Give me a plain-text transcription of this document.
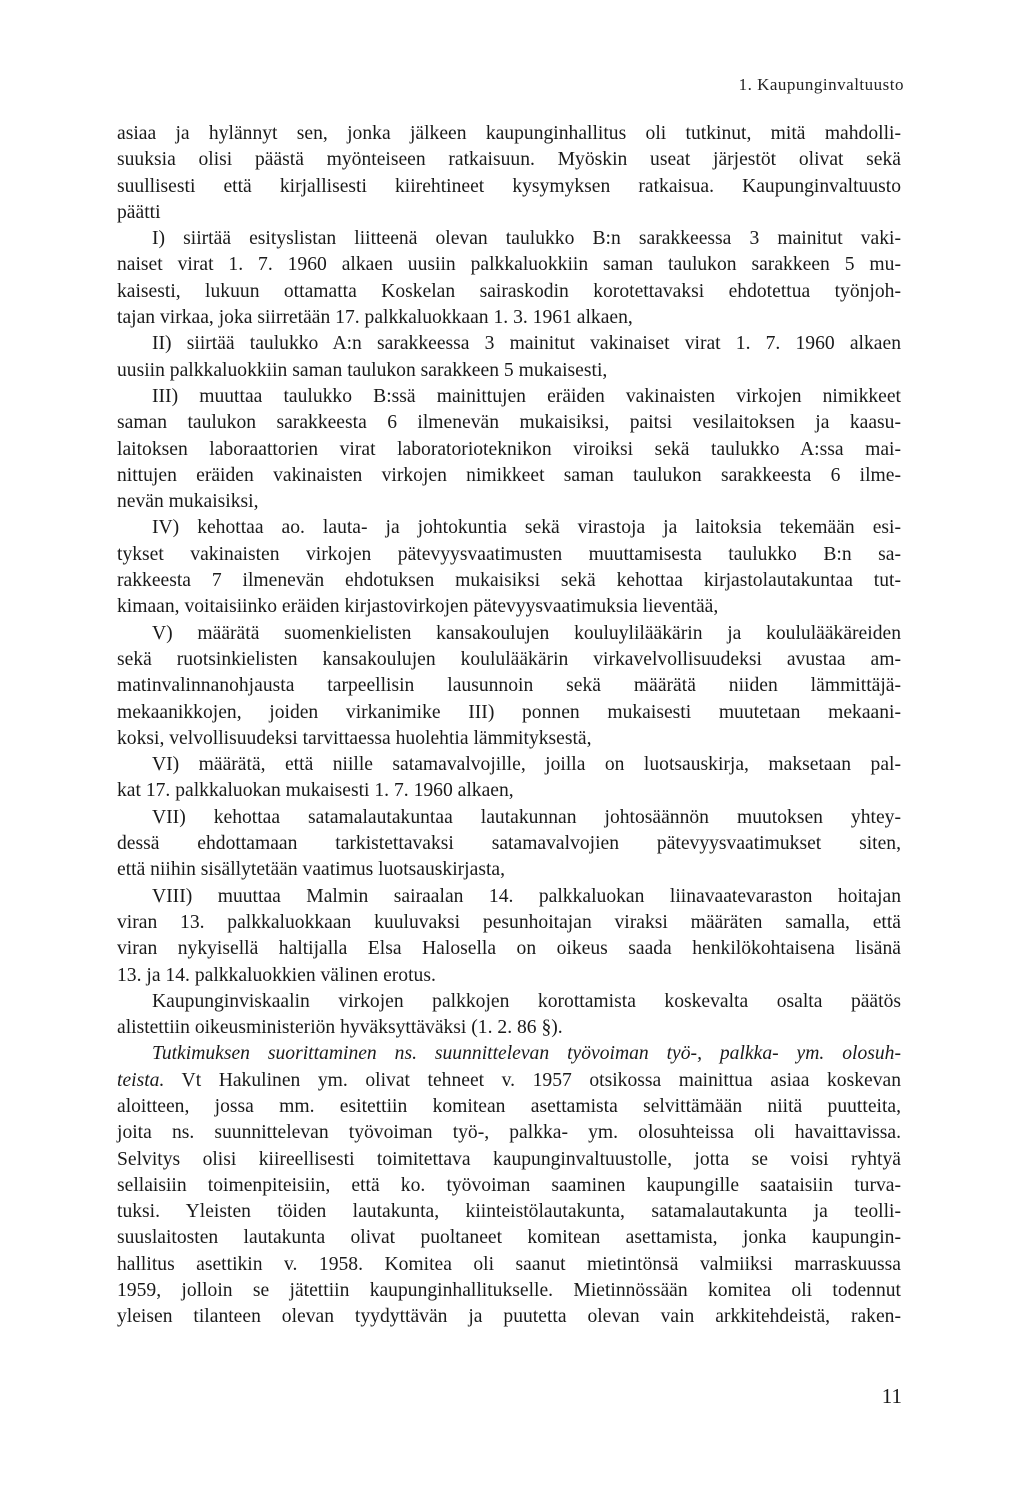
1. Kaupunginvaltuusto
asiaa ja hylännyt sen, jonka jälkeen kaupunginhallitus oli tutkinut, mitä mahdolli-
suuksia olisi päästä myönteiseen ratkaisuun. Myöskin useat järjestöt olivat sekä
suullisesti että kirjallisesti kiirehtineet kysymyksen ratkaisua. Kaupunginvaltuusto
päätti
I) siirtää esityslistan liitteenä olevan taulukko B:n sarakkeessa 3 mainitut vaki-
naiset virat 1. 7. 1960 alkaen uusiin palkkaluokkiin saman taulukon sarakkeen 5 mu-
kaisesti, lukuun ottamatta Koskelan sairaskodin korotettavaksi ehdotettua työnjoh-
tajan virkaa, joka siirretään 17. palkkaluokkaan 1. 3. 1961 alkaen,
II) siirtää taulukko A:n sarakkeessa 3 mainitut vakinaiset virat 1. 7. 1960 alkaen
uusiin palkkaluokkiin saman taulukon sarakkeen 5 mukaisesti,
III) muuttaa taulukko B:ssä mainittujen eräiden vakinaisten virkojen nimikkeet
saman taulukon sarakkeesta 6 ilmenevän mukaisiksi, paitsi vesilaitoksen ja kaasu-
laitoksen laboraattorien virat laboratorioteknikon viroiksi sekä taulukko A:ssa mai-
nittujen eräiden vakinaisten virkojen nimikkeet saman taulukon sarakkeesta 6 ilme-
nevän mukaisiksi,
IV) kehottaa ao. lauta- ja johtokuntia sekä virastoja ja laitoksia tekemään esi-
tykset vakinaisten virkojen pätevyysvaatimusten muuttamisesta taulukko B:n sa-
rakkeesta 7 ilmenevän ehdotuksen mukaisiksi sekä kehottaa kirjastolautakuntaa tut-
kimaan, voitaisiinko eräiden kirjastovirkojen pätevyysvaatimuksia lieventää,
V) määrätä suomenkielisten kansakoulujen kouluylilääkärin ja koululääkäreiden
sekä ruotsinkielisten kansakoulujen koululääkärin virkavelvollisuudeksi avustaa am-
matinvalinnanohjausta tarpeellisin lausunnoin sekä määrätä niiden lämmittäjä-
mekaanikkojen, joiden virkanimike III) ponnen mukaisesti muutetaan mekaani-
koksi, velvollisuudeksi tarvittaessa huolehtia lämmityksestä,
VI) määrätä, että niille satamavalvojille, joilla on luotsauskirja, maksetaan pal-
kat 17. palkkaluokan mukaisesti 1. 7. 1960 alkaen,
VII) kehottaa satamalautakuntaa lautakunnan johtosäännön muutoksen yhtey-
dessä ehdottamaan tarkistettavaksi satamavalvojien pätevyysvaatimukset siten,
että niihin sisällytetään vaatimus luotsauskirjasta,
VIII) muuttaa Malmin sairaalan 14. palkkaluokan liinavaatevaraston hoitajan
viran 13. palkkaluokkaan kuuluvaksi pesunhoitajan viraksi määräten samalla, että
viran nykyisellä haltijalla Elsa Halosella on oikeus saada henkilökohtaisena lisänä
13. ja 14. palkkaluokkien välinen erotus.
Kaupunginviskaalin virkojen palkkojen korottamista koskevalta osalta päätös
alistettiin oikeusministeriön hyväksyttäväksi (1. 2. 86 §).
Tutkimuksen suorittaminen ns. suunnittelevan työvoiman työ-, palkka- ym. olosuh-
teista. Vt Hakulinen ym. olivat tehneet v. 1957 otsikossa mainittua asiaa koskevan
aloitteen, jossa mm. esitettiin komitean asettamista selvittämään niitä puutteita,
joita ns. suunnittelevan työvoiman työ-, palkka- ym. olosuhteissa oli havaittavissa.
Selvitys olisi kiireellisesti toimitettava kaupunginvaltuustolle, jotta se voisi ryhtyä
sellaisiin toimenpiteisiin, että ko. työvoiman saaminen kaupungille saataisiin turva-
tuksi. Yleisten töiden lautakunta, kiinteistölautakunta, satamalautakunta ja teolli-
suuslaitosten lautakunta olivat puoltaneet komitean asettamista, jonka kaupungin-
hallitus asettikin v. 1958. Komitea oli saanut mietintönsä valmiiksi marraskuussa
1959, jolloin se jätettiin kaupunginhallitukselle. Mietinnössään komitea oli todennut
yleisen tilanteen olevan tyydyttävän ja puutetta olevan vain arkkitehdeistä, raken-
11
